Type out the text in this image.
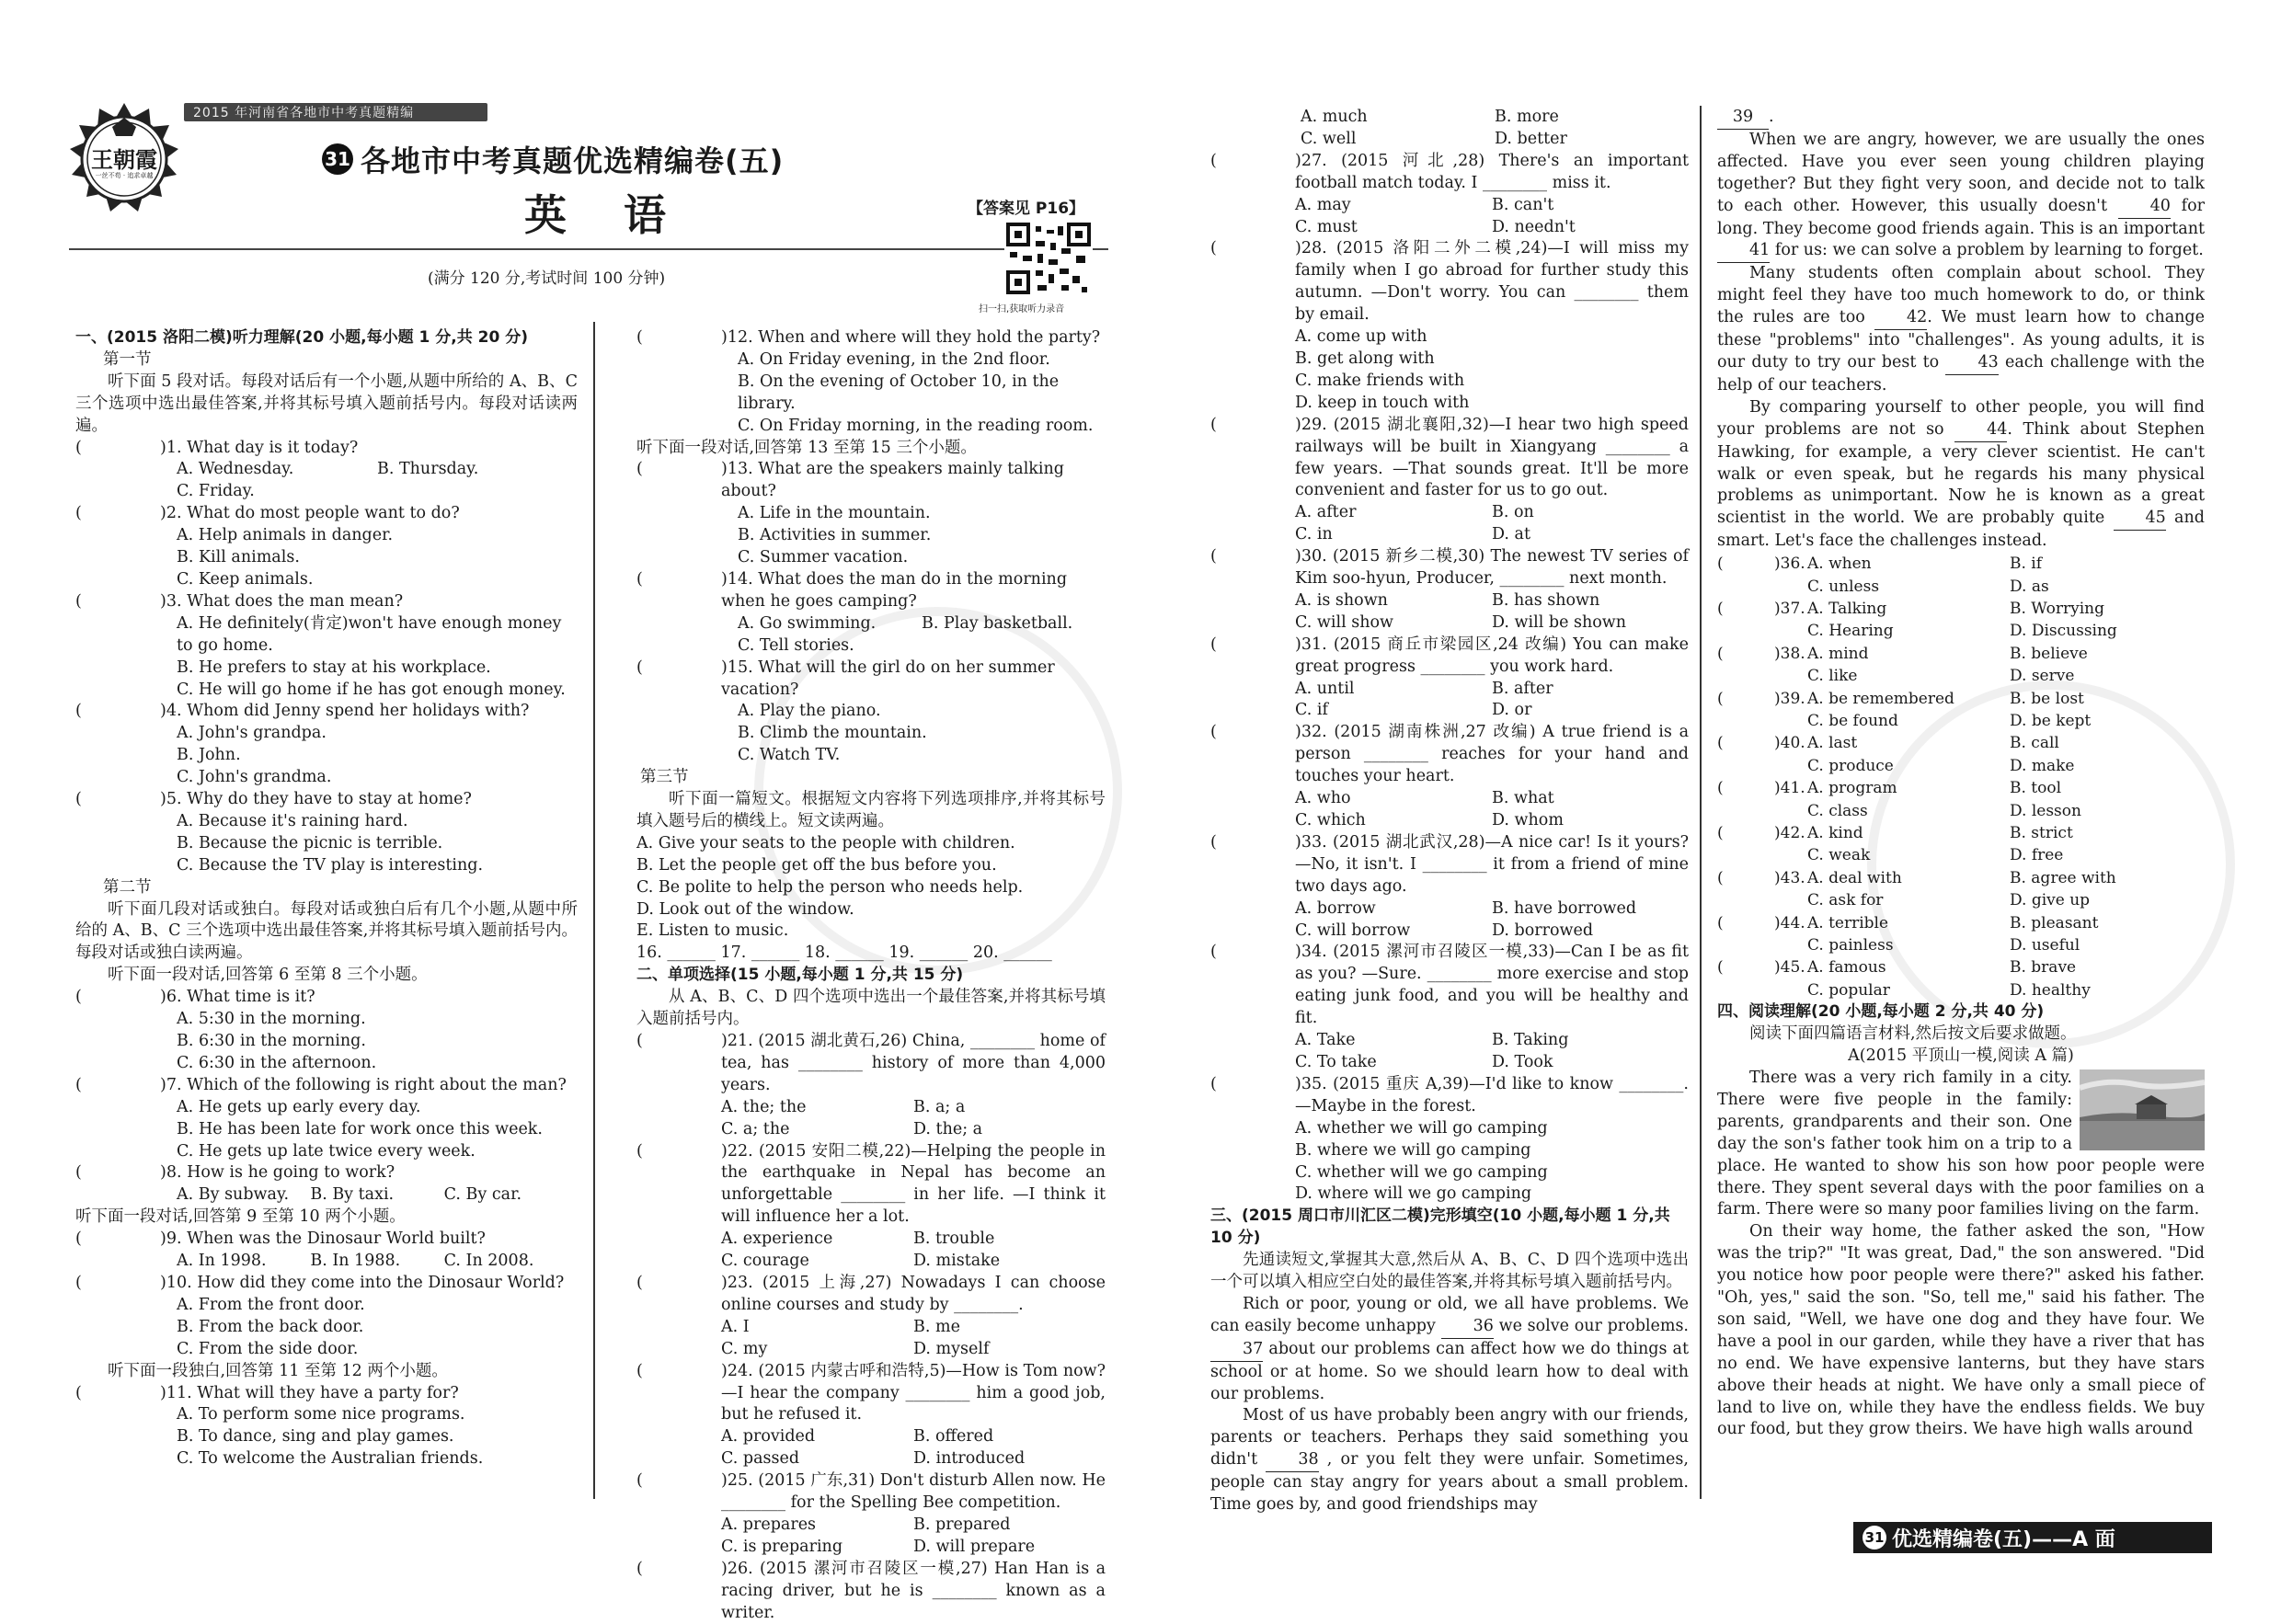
2015 年河南省各地市中考真题精编
王朝霞
一丝不苟 · 追求卓越
31 各地市中考真题优选精编卷(五)
英　语	【答案见 P16】
(满分 120 分,考试时间 100 分钟)
扫一扫,获取听力录音

一、(2015 洛阳二模)听力理解(20 小题,每小题 1 分,共 20 分)

第一节

听下面 5 段对话。每段对话后有一个小题,从题中所给的 A、B、C 三个选项中选出最佳答案,并将其标号填入题前括号内。每段对话读两遍。

(	)1. What day is it today?
A. Wednesday.	B. Thursday.
C. Friday.
(	)2. What do most people want to do?
A. Help animals in danger.
B. Kill animals.
C. Keep animals.
(	)3. What does the man mean?
A. He definitely(肯定)won't have enough money to go home.
B. He prefers to stay at his workplace.
C. He will go home if he has got enough money.
(	)4. Whom did Jenny spend her holidays with?
A. John's grandpa.
B. John.
C. John's grandma.
(	)5. Why do they have to stay at home?
A. Because it's raining hard.
B. Because the picnic is terrible.
C. Because the TV play is interesting.

第二节

听下面几段对话或独白。每段对话或独白后有几个小题,从题中所给的 A、B、C 三个选项中选出最佳答案,并将其标号填入题前括号内。每段对话或独白读两遍。

听下面一段对话,回答第 6 至第 8 三个小题。

(	)6. What time is it?
A. 5:30 in the morning.
B. 6:30 in the morning.
C. 6:30 in the afternoon.
(	)7. Which of the following is right about the man?
A. He gets up early every day.
B. He has been late for work once this week.
C. He gets up late twice every week.
(	)8. How is he going to work?
A. By subway.	B. By taxi.	C. By car.

听下面一段对话,回答第 9 至第 10 两个小题。

(	)9. When was the Dinosaur World built?
A. In 1998.	B. In 1988.	C. In 2008.
(	)10. How did they come into the Dinosaur World?
A. From the front door.
B. From the back door.
C. From the side door.

听下面一段独白,回答第 11 至第 12 两个小题。

(	)11. What will they have a party for?
A. To perform some nice programs.
B. To dance, sing and play games.
C. To welcome the Australian friends.
(	)12. When and where will they hold the party?
A. On Friday evening, in the 2nd floor.
B. On the evening of October 10, in the library.
C. On Friday morning, in the reading room.

听下面一段对话,回答第 13 至第 15 三个小题。

(	)13. What are the speakers mainly talking about?
A. Life in the mountain.
B. Activities in summer.
C. Summer vacation.
(	)14. What does the man do in the morning when he goes camping?
A. Go swimming.	B. Play basketball.
C. Tell stories.
(	)15. What will the girl do on her summer vacation?
A. Play the piano.
B. Climb the mountain.
C. Watch TV.

第三节

听下面一篇短文。根据短文内容将下列选项排序,并将其标号填入题号后的横线上。短文读两遍。

A. Give your seats to the people with children.

B. Let the people get off the bus before you.

C. Be polite to help the person who needs help.

D. Look out of the window.

E. Listen to music.

16. ______ 17. ______ 18. ______ 19. ______ 20. ______

二、单项选择(15 小题,每小题 1 分,共 15 分)

从 A、B、C、D 四个选项中选出一个最佳答案,并将其标号填入题前括号内。

(	)21. (2015 湖北黄石,26) China, ________ home of tea, has ________ history of more than 4,000 years.
A. the; the	B. a; a
C. a; the	D. the; a
(	)22. (2015 安阳二模,22)—Helping the people in the earthquake in Nepal has become an unforgettable ________ in her life. —I think it will influence her a lot.
A. experience	B. trouble
C. courage	D. mistake
(	)23. (2015 上海,27) Nowadays I can choose online courses and study by ________.
A. I	B. me
C. my	D. myself
(	)24. (2015 内蒙古呼和浩特,5)—How is Tom now? —I hear the company ________ him a good job, but he refused it.
A. provided	B. offered
C. passed	D. introduced
(	)25. (2015 广东,31) Don't disturb Allen now. He ________ for the Spelling Bee competition.
A. prepares	B. prepared
C. is preparing	D. will prepare
(	)26. (2015 漯河市召陵区一模,27) Han Han is a racing driver, but he is ________ known as a writer.
A. much	B. more
C. well	D. better
(	)27. (2015 河北,28) There's an important football match today. I ________ miss it.
A. may	B. can't
C. must	D. needn't
(	)28. (2015 洛阳二外二模,24)—I will miss my family when I go abroad for further study this autumn. —Don't worry. You can ________ them by email.
A. come up with
B. get along with
C. make friends with
D. keep in touch with
(	)29. (2015 湖北襄阳,32)—I hear two high speed railways will be built in Xiangyang ________ a few years. —That sounds great. It'll be more convenient and faster for us to go out.
A. after	B. on
C. in	D. at
(	)30. (2015 新乡二模,30) The newest TV series of Kim soo-hyun, Producer, ________ next month.
A. is shown	B. has shown
C. will show	D. will be shown
(	)31. (2015 商丘市梁园区,24 改编) You can make great progress ________ you work hard.
A. until	B. after
C. if	D. or
(	)32. (2015 湖南株洲,27 改编) A true friend is a person ________ reaches for your hand and touches your heart.
A. who	B. what
C. which	D. whom
(	)33. (2015 湖北武汉,28)—A nice car! Is it yours? —No, it isn't. I ________ it from a friend of mine two days ago.
A. borrow	B. have borrowed
C. will borrow	D. borrowed
(	)34. (2015 漯河市召陵区一模,33)—Can I be as fit as you? —Sure. ________ more exercise and stop eating junk food, and you will be healthy and fit.
A. Take	B. Taking
C. To take	D. Took
(	)35. (2015 重庆 A,39)—I'd like to know ________. —Maybe in the forest.
A. whether we will go camping
B. where we will go camping
C. whether will we go camping
D. where will we go camping

三、(2015 周口市川汇区二模)完形填空(10 小题,每小题 1 分,共 10 分)

先通读短文,掌握其大意,然后从 A、B、C、D 四个选项中选出一个可以填入相应空白处的最佳答案,并将其标号填入题前括号内。

Rich or poor, young or old, we all have problems. We can easily become unhappy 36 we solve our problems. 37 about our problems can affect how we do things at school or at home. So we should learn how to deal with our problems.

Most of us have probably been angry with our friends, parents or teachers. Perhaps they said something you didn't	38 , or you felt they were unfair. Sometimes, people can stay angry for years about a small problem. Time goes by, and good friendships may

39 .

When we are angry, however, we are usually the ones affected. Have you ever seen young children playing together? But they fight very soon, and decide not to talk to each other. However, this usually doesn't	40 for long. They become good friends again. This is an important 41 for us: we can solve a problem by learning to forget.

Many students often complain about school. They might feel they have too much homework to do, or think the rules are too	42. We must learn how to change these "problems" into "challenges". As young adults, it is our duty to try our best to 43 each challenge with the help of our teachers.

By comparing yourself to other people, you will find your problems are not so	44. Think about Stephen Hawking, for example, a very clever scientist. He can't walk or even speak, but he regards his many physical problems as unimportant. Now he is known as a great scientist in the world. We are probably quite	45 and smart. Let's face the challenges instead.

(	)36. A. when	B. if
C. unless	D. as
(	)37. A. Talking	B. Worrying
C. Hearing	D. Discussing
(	)38. A. mind	B. believe
C. like	D. serve
(	)39. A. be remembered	B. be lost
C. be found	D. be kept
(	)40. A. last	B. call
C. produce	D. make
(	)41. A. program	B. tool
C. class	D. lesson
(	)42. A. kind	B. strict
C. weak	D. free
(	)43. A. deal with	B. agree with
C. ask for	D. give up
(	)44. A. terrible	B. pleasant
C. painless	D. useful
(	)45. A. famous	B. brave
C. popular	D. healthy

四、阅读理解(20 小题,每小题 2 分,共 40 分)

阅读下面四篇语言材料,然后按文后要求做题。

A(2015 平顶山一模,阅读 A 篇)

There was a very rich family in a city. There were five people in the family: parents, grandparents and their son. One day the son's father took him on a trip to a place. He wanted to show his son how poor people were there. They spent several days with the poor families on a farm. There were so many poor families living on the farm.

On their way home, the father asked the son, "How was the trip?" "It was great, Dad," the son answered. "Did you notice how poor people were there?" asked his father. "Oh, yes," said the son. "So, tell me," said his father. The son said, "Well, we have one dog and they have four. We have a pool in our garden, while they have a river that has no end. We have expensive lanterns, but they have stars above their heads at night. We have only a small piece of land to live on, while they have the endless fields. We buy our food, but they grow theirs. We have high walls around

31 优选精编卷(五)——A 面
